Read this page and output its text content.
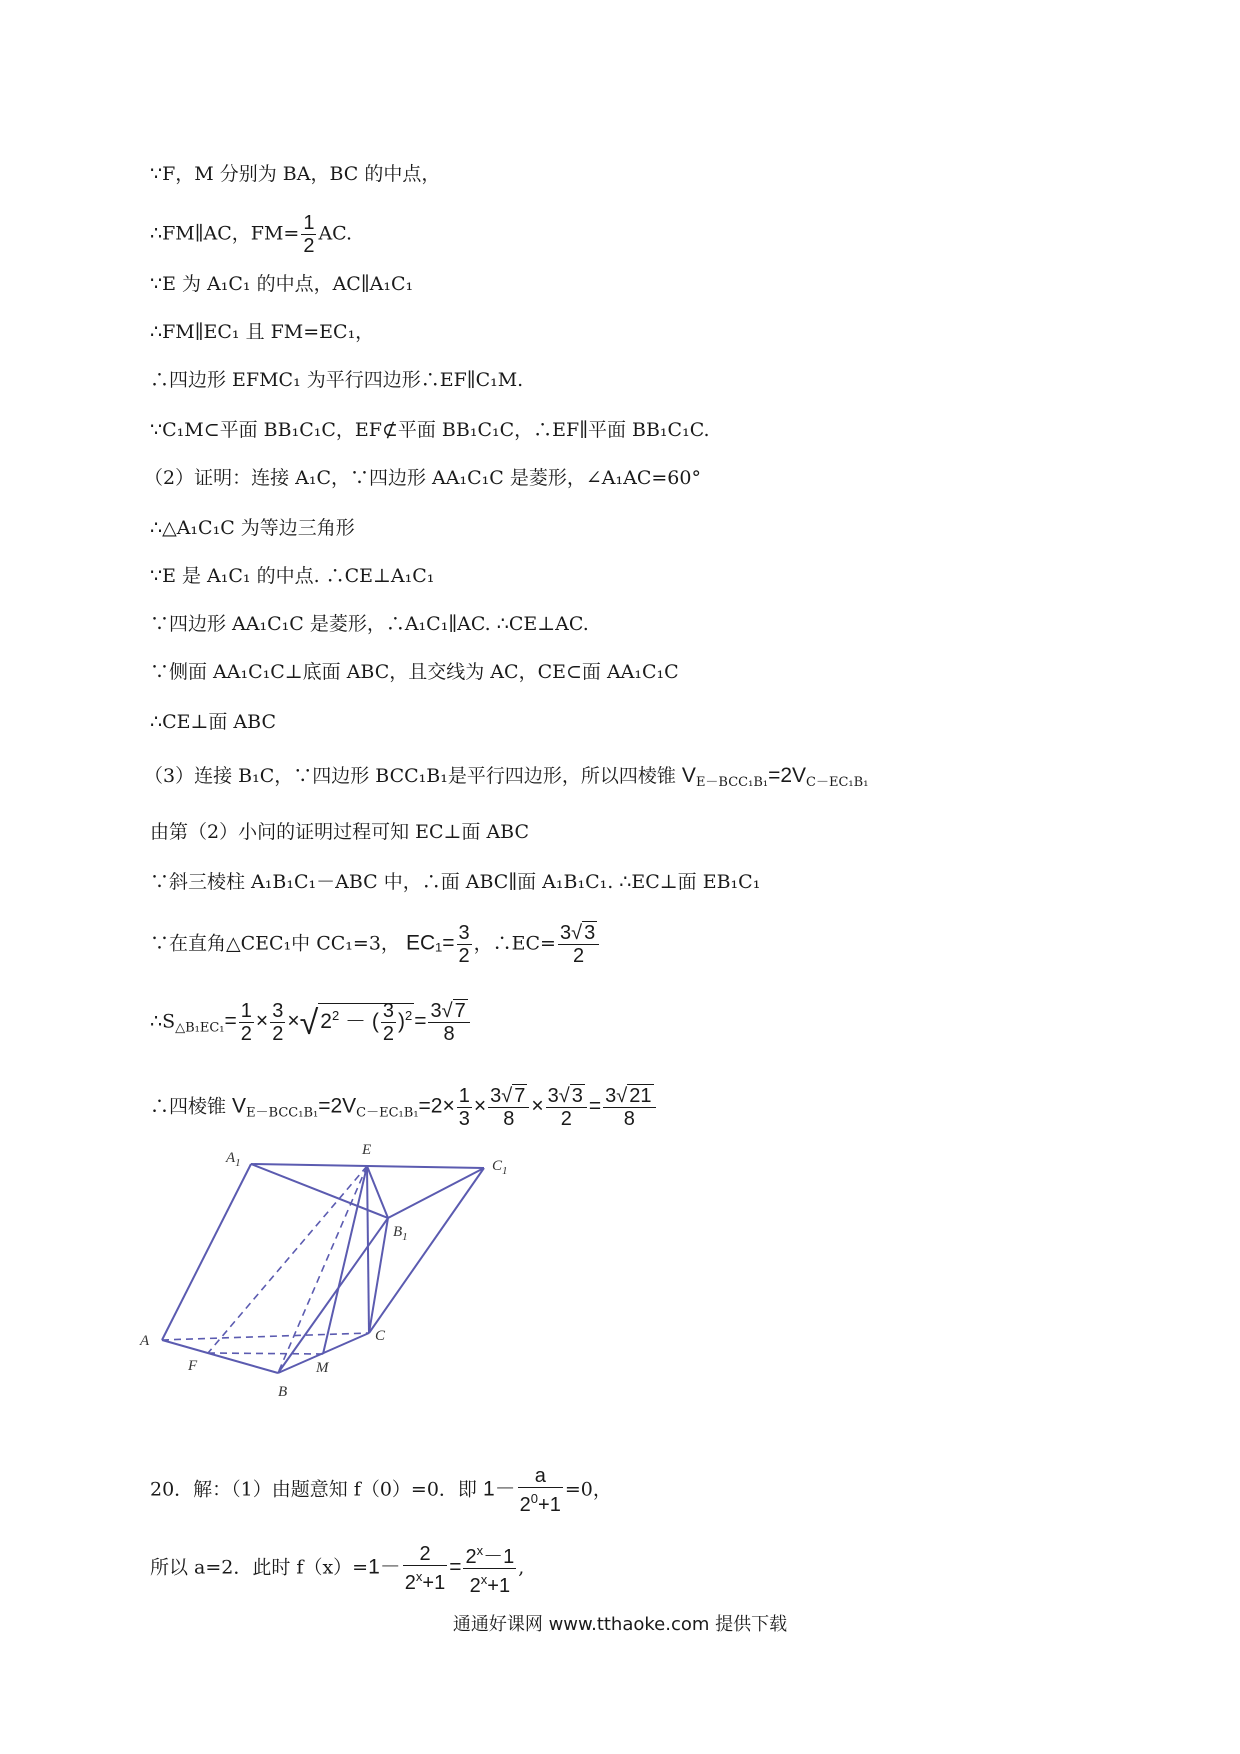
∵F，M 分别为 BA，BC 的中点，
∴FM∥AC，$FM= \frac{1}{2}$ AC.
∵E 为 A₁C₁ 的中点，AC∥A₁C₁
∴FM∥EC₁ 且 FM=EC₁，
∴四边形 EFMC₁ 为平行四边形∴EF∥C₁M.
∵C₁M⊂平面 BB₁C₁C，EF⊄平面 BB₁C₁C，∴EF∥平面 BB₁C₁C.
（2）证明：连接 A₁C，∵四边形 AA₁C₁C 是菱形，∠A₁AC=60°
∴△A₁C₁C 为等边三角形
∵E 是 A₁C₁ 的中点. ∴CE⊥A₁C₁
∵四边形 AA₁C₁C 是菱形，∴A₁C₁∥AC. ∴CE⊥AC.
∵侧面 AA₁C₁C⊥底面 ABC，且交线为 AC，CE⊂面 AA₁C₁C
∴CE⊥面 ABC
（3）连接 B₁C，∵四边形 BCC₁B₁是平行四边形，所以四棱锥 $V_{E-BCC_1B_1}=2V_{C-EC_1B_1}$
由第（2）小问的证明过程可知 EC⊥面 ABC
∵斜三棱柱 A₁B₁C₁－ABC 中，∴面 ABC∥面 A₁B₁C₁. ∴EC⊥面 EB₁C₁
∵在直角△CEC₁中 CC₁=3， $EC_1= \frac{3}{2}$ ，∴EC= $\frac{3√ 3}{2}$
$\therefore S_{\triangle B_1EC_1}= \frac{1}{2} \times \frac{3}{2} \times√2^2$ － ( $\frac{3}{2} )^2= \frac{3√ 7}{8}$
∴四棱锥 $V_{E-BCC_1B_1}=2V_{C-EC_1B_1}=2\times \frac{1}{3} \times \frac{3√ 7}{8} \times \frac{3√ 3}{2} = \frac{3√ 21}{8}$
$A_1$
E
$C_1$
$B_1$
A	C
F	M
B
20．解：（1）由题意知 f（0）=0．即 $1- \frac{a}{2^0+1} =0$，
所以 a=2．此时 $f(x)=1- \frac{2}{2^x+1} = \frac{2^x-1}{2^x+1}$ ,
通通好课网 www.tthaoke.com 提供下载
